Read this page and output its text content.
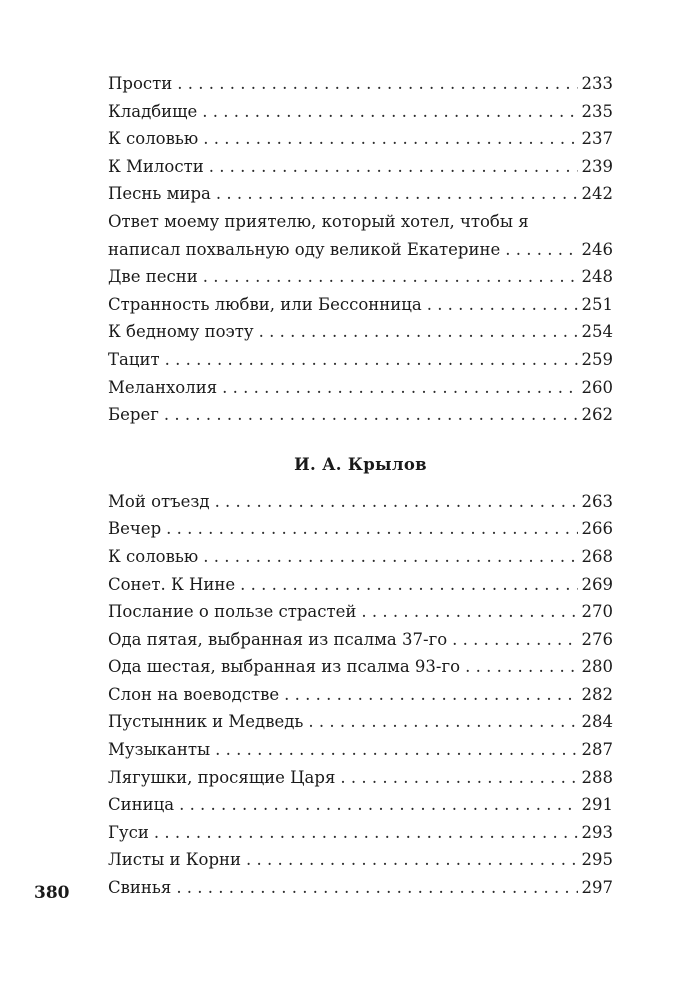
Прости . . .	233
Кладбище . . .	235
К соловью . . .	237
К Милости . . .	239
Песнь мира . . .	242
Ответ моему приятелю, который хотел, чтобы я
написал похвальную оду великой Екатерине . . .	246
Две песни . . .	248
Странность любви, или Бессонница . . .	251
К бедному поэту . . .	254
Тацит . . .	259
Меланхолия . . .	260
Берег . . .	262
И. А. Крылов
Мой отъезд . . .	263
Вечер . . .	266
К соловью . . .	268
Сонет. К Нине . . .	269
Послание о пользе страстей . . .	270
Ода пятая, выбранная из псалма 37-го . . .	276
Ода шестая, выбранная из псалма 93-го . . .	280
Слон на воеводстве . . .	282
Пустынник и Медведь . . .	284
Музыканты . . .	287
Лягушки, просящие Царя . . .	288
Синица . . .	291
Гуси . . .	293
Листы и Корни . . .	295
Свинья . . .	297
380
